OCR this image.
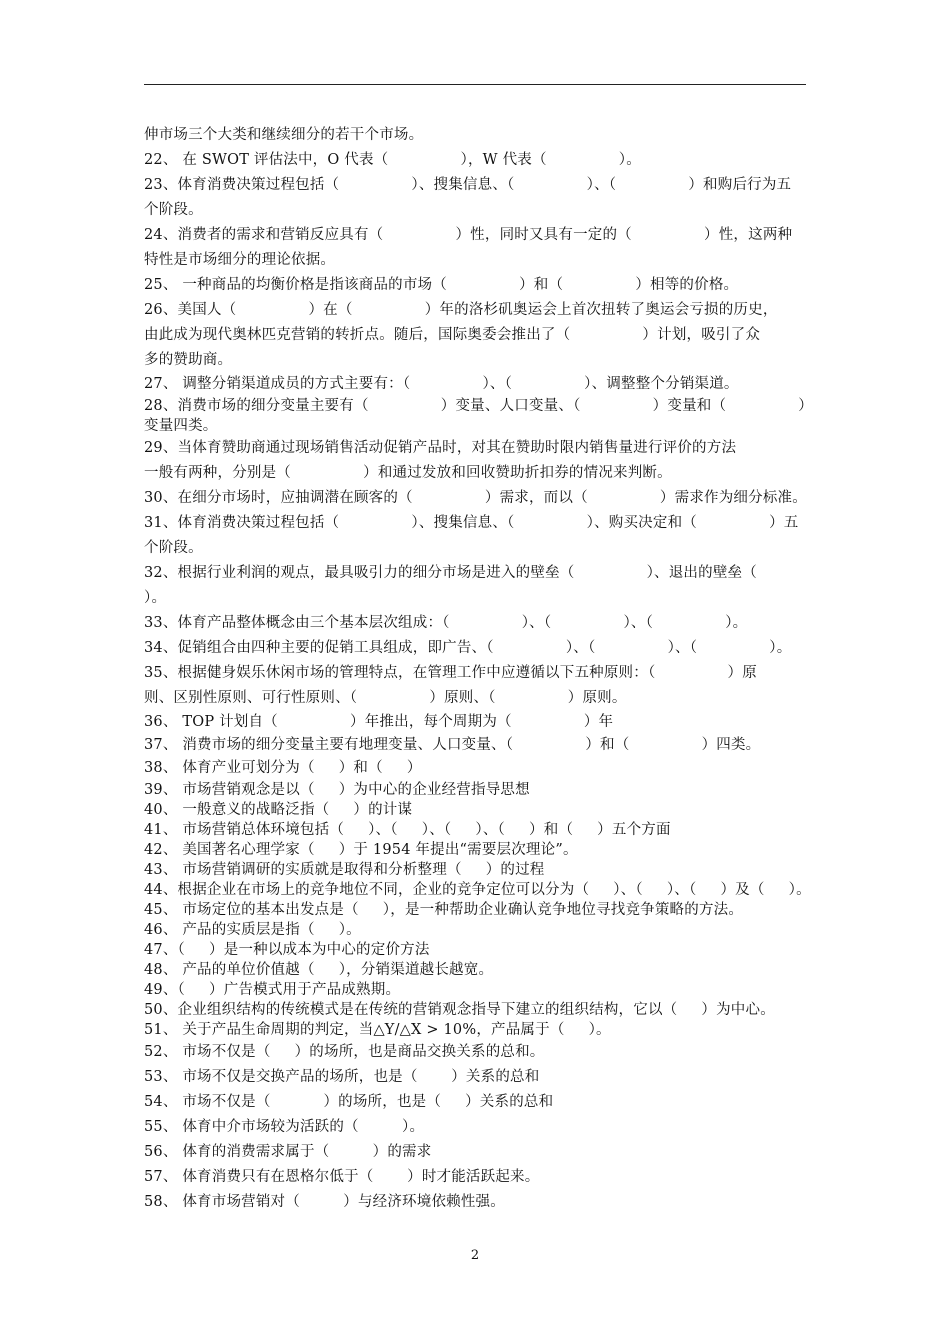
伸市场三个大类和继续细分的若干个市场。
22、 在 SWOT 评估法中，O 代表（               ），W 代表（               ）。
23、体育消费决策过程包括（               ）、搜集信息、（               ）、（               ）和购后行为五
个阶段。
24、消费者的需求和营销反应具有（               ）性，同时又具有一定的（               ）性，这两种
特性是市场细分的理论依据。
25、 一种商品的均衡价格是指该商品的市场（               ）和（               ）相等的价格。
26、美国人（               ）在（               ）年的洛杉矶奥运会上首次扭转了奥运会亏损的历史，
由此成为现代奥林匹克营销的转折点。随后，国际奥委会推出了（               ）计划，吸引了众
多的赞助商。
27、 调整分销渠道成员的方式主要有：（               ）、（               ）、调整整个分销渠道。
28、消费市场的细分变量主要有（               ）变量、人口变量、（               ）变量和（               ）
变量四类。
29、当体育赞助商通过现场销售活动促销产品时，对其在赞助时限内销售量进行评价的方法
一般有两种，分别是（               ）和通过发放和回收赞助折扣券的情况来判断。
30、在细分市场时，应抽调潜在顾客的（               ）需求，而以（               ）需求作为细分标准。
31、体育消费决策过程包括（               ）、搜集信息、（               ）、购买决定和（               ）五
个阶段。
32、根据行业利润的观点，最具吸引力的细分市场是进入的壁垒（               ）、退出的壁垒（
）。
33、体育产品整体概念由三个基本层次组成：（               ）、（               ）、（               ）。
34、促销组合由四种主要的促销工具组成，即广告、（               ）、（               ）、（               ）。
35、根据健身娱乐休闲市场的管理特点，在管理工作中应遵循以下五种原则：（               ）原
则、区别性原则、可行性原则、（               ）原则、（               ）原则。
36、 TOP 计划自（               ）年推出，每个周期为（               ）年
37、 消费市场的细分变量主要有地理变量、人口变量、（               ）和（               ）四类。
38、 体育产业可划分为（     ）和（     ）
39、 市场营销观念是以（     ）为中心的企业经营指导思想
40、 一般意义的战略泛指（     ）的计谋
41、 市场营销总体环境包括（     ）、（     ）、（     ）、（     ）和（     ）五个方面
42、 美国著名心理学家（     ）于 1954 年提出“需要层次理论”。
43、 市场营销调研的实质就是取得和分析整理（     ）的过程
44、根据企业在市场上的竞争地位不同，企业的竞争定位可以分为（     ）、（     ）、（     ）及（     ）。
45、 市场定位的基本出发点是（     ），是一种帮助企业确认竞争地位寻找竞争策略的方法。
46、 产品的实质层是指（     ）。
47、（     ）是一种以成本为中心的定价方法
48、 产品的单位价值越（     ），分销渠道越长越宽。
49、（     ）广告模式用于产品成熟期。
50、企业组织结构的传统模式是在传统的营销观念指导下建立的组织结构，它以（     ）为中心。
51、 关于产品生命周期的判定，当△Y/△X > 10%，产品属于（     ）。
52、 市场不仅是（     ）的场所，也是商品交换关系的总和。
53、 市场不仅是交换产品的场所，也是（       ）关系的总和
54、 市场不仅是（           ）的场所，也是（     ）关系的总和
55、 体育中介市场较为活跃的（         ）。
56、 体育的消费需求属于（         ）的需求
57、 体育消费只有在恩格尔低于（       ）时才能活跃起来。
58、 体育市场营销对（         ）与经济环境依赖性强。
2
